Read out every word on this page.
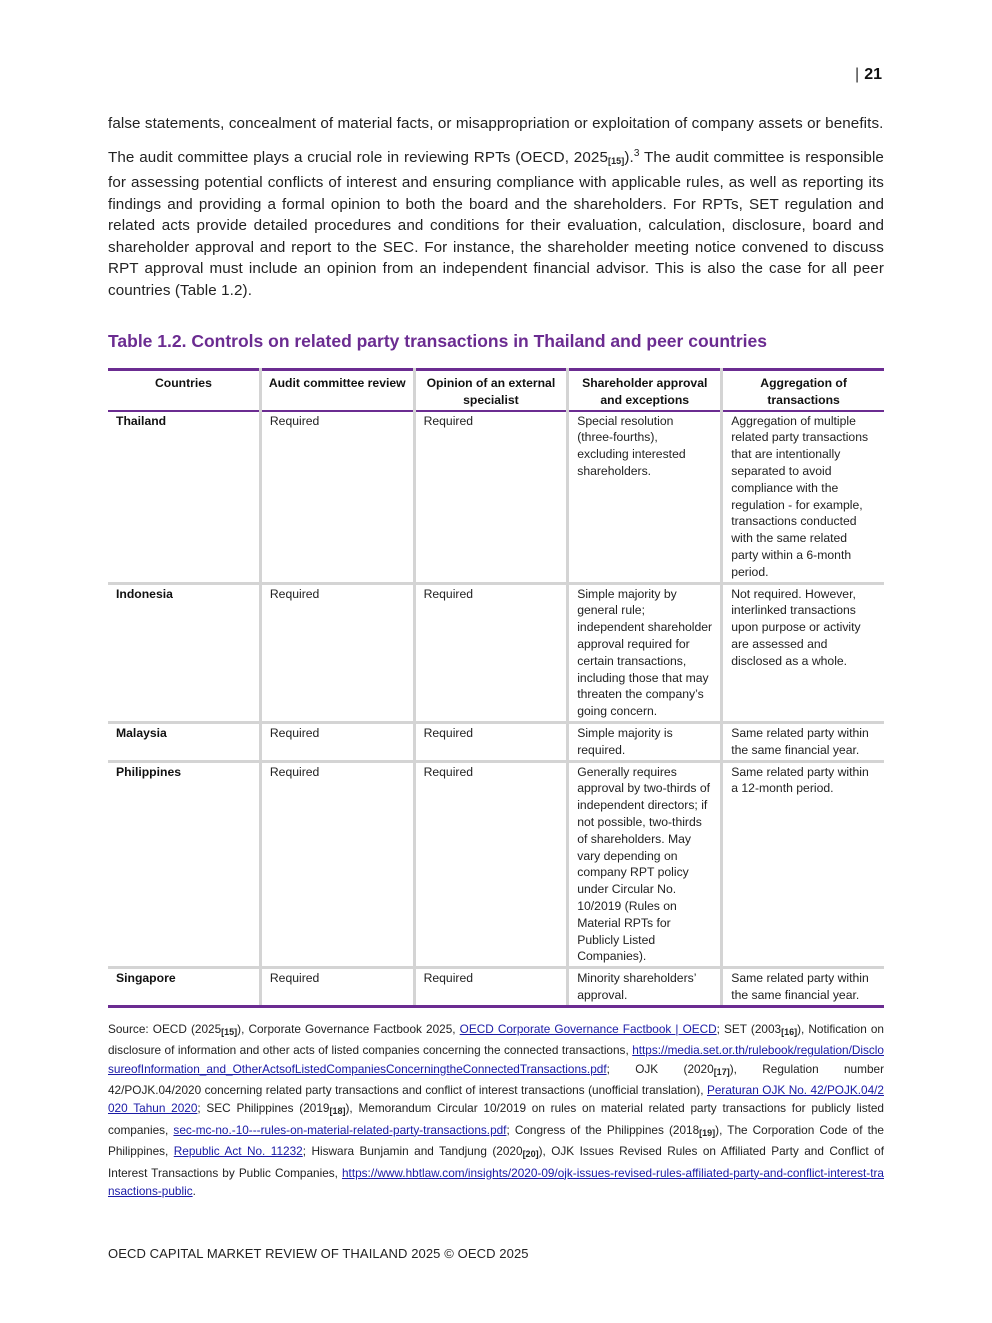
| 21

false statements, concealment of material facts, or misappropriation or exploitation of company assets or benefits.

The audit committee plays a crucial role in reviewing RPTs (OECD, $2025_{[15]}).^3$ The audit committee is responsible for assessing potential conflicts of interest and ensuring compliance with applicable rules, as well as reporting its findings and providing a formal opinion to both the board and the shareholders. For RPTs, SET regulation and related acts provide detailed procedures and conditions for their evaluation, calculation, disclosure, board and shareholder approval and report to the SEC. For instance, the shareholder meeting notice convened to discuss RPT approval must include an opinion from an independent financial advisor. This is also the case for all peer countries (Table 1.2).

Table 1.2. Controls on related party transactions in Thailand and peer countries
Countries	Audit committee review	Opinion of an external specialist	Shareholder approval and exceptions	Aggregation of transactions
Thailand	Required	Required	Special resolution (three-fourths), excluding interested shareholders.	Aggregation of multiple related party transactions that are intentionally separated to avoid compliance with the regulation - for example, transactions conducted with the same related party within a 6-month period.
Indonesia	Required	Required	Simple majority by general rule; independent shareholder approval required for certain transactions, including those that may threaten the company’s going concern.	Not required. However, interlinked transactions upon purpose or activity are assessed and disclosed as a whole.
Malaysia	Required	Required	Simple majority is required.	Same related party within the same financial year.
Philippines	Required	Required	Generally requires approval by two-thirds of independent directors; if not possible, two-thirds of shareholders. May vary depending on company RPT policy under Circular No. 10/2019 (Rules on Material RPTs for Publicly Listed Companies).	Same related party within a 12-month period.
Singapore	Required	Required	Minority shareholders’ approval.	Same related party within the same financial year.
Source: OECD $(2025_{[15]})$, Corporate Governance Factbook 2025, OECD Corporate Governance Factbook | OECD; SET $(2003_{[16]})$, Notification on disclosure of information and other acts of listed companies concerning the connected transactions, https://media.set.or.th/rulebook/regulation/DisclosureofInformation_and_OtherActsofListedCompaniesConcerningtheConnectedTransactions.pdf; OJK $(2020_{[17]})$, Regulation number 42/POJK.04/2020 concerning related party transactions and conflict of interest transactions (unofficial translation), Peraturan OJK No. 42/POJK.04/2020 Tahun 2020; SEC Philippines $(2019_{[18]})$, Memorandum Circular 10/2019 on rules on material related party transactions for publicly listed companies, sec-mc-no.-10---rules-on-material-related-party-transactions.pdf; Congress of the Philippines $(2018_{[19]})$, The Corporation Code of the Philippines, Republic Act No. 11232; Hiswara Bunjamin and Tandjung $(2020_{[20]})$, OJK Issues Revised Rules on Affiliated Party and Conflict of Interest Transactions by Public Companies, https://www.hbtlaw.com/insights/2020-09/ojk-issues-revised-rules-affiliated-party-and-conflict-interest-transactions-public.
OECD CAPITAL MARKET REVIEW OF THAILAND 2025 © OECD 2025
